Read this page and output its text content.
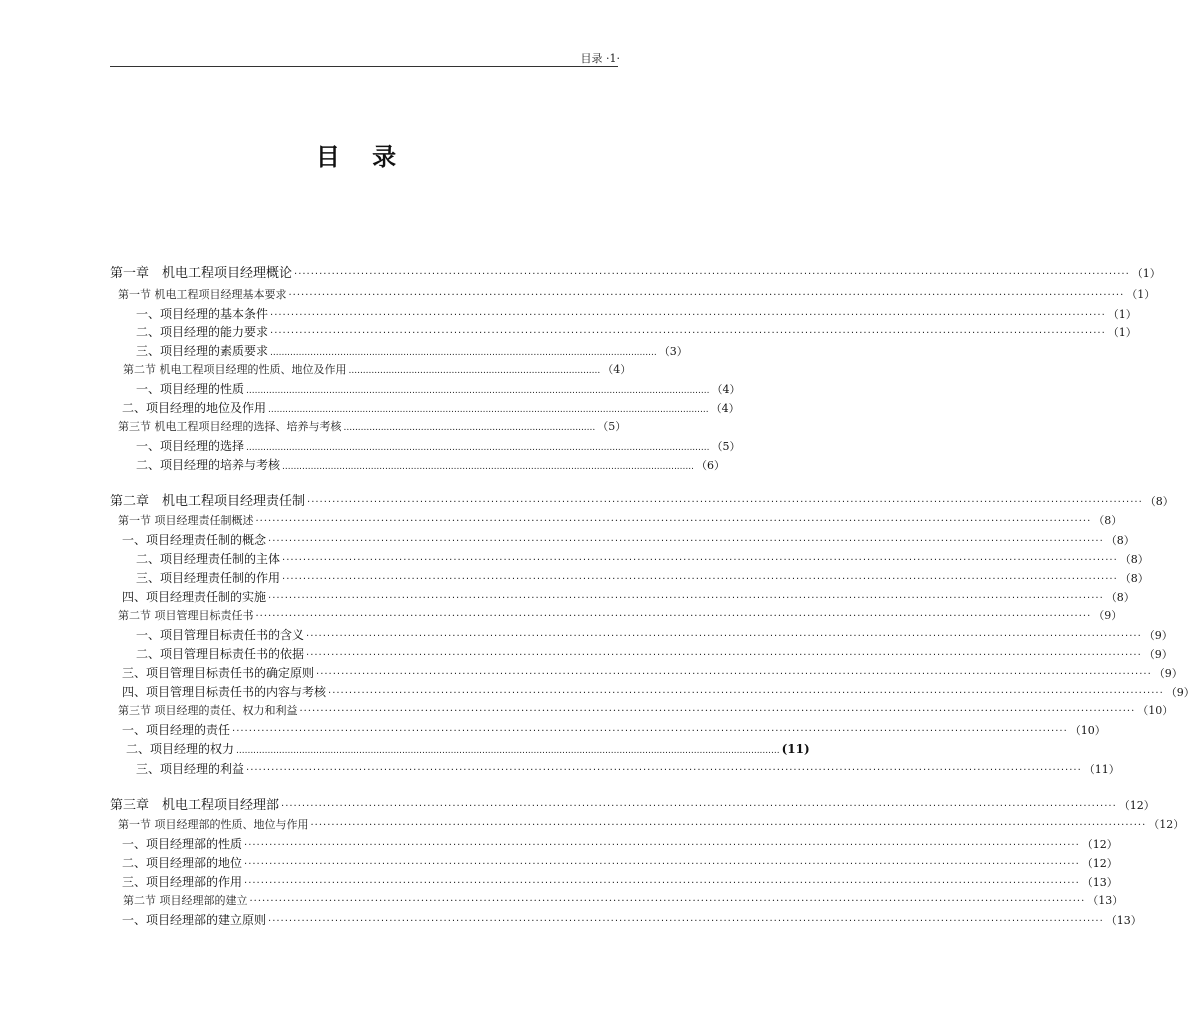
目录 ·1·
目 录
第一章　机电工程项目经理概论 ········································································································································································································ （1）
第一节 机电工程项目经理基本要求 ········································································································································································································ （1）
一、项目经理的基本条件 ········································································································································································································ （1）
二、项目经理的能力要求 ········································································································································································································ （1）
三、项目经理的素质要求 ..............………….......................................................…………......................................... （3）
第二节 机电工程项目经理的性质、地位及作用 ........................................................................................ （4）
一、项目经理的性质 .................................................................................................................................................................. （4）
二、项目经理的地位及作用 .......................................................................................................................................................... （4）
第三节 机电工程项目经理的选择、培养与考核 ........................................................................................ （5）
一、项目经理的选择 .................................................................................................................................................................. （5）
二、项目经理的培养与考核 ................................................................................................................................................ （6）
第二章　机电工程项目经理责任制 ········································································································································································································ （8）
第一节 项目经理责任制概述 ········································································································································································································ （8）
一、项目经理责任制的概念 ········································································································································································································ （8）
二、项目经理责任制的主体 ········································································································································································································ （8）
三、项目经理责任制的作用 ········································································································································································································ （8）
四、项目经理责任制的实施 ········································································································································································································ （8）
第二节 项目管理目标责任书 ········································································································································································································ （9）
一、项目管理目标责任书的含义 ········································································································································································································ （9）
二、项目管理目标责任书的依据 ········································································································································································································ （9）
三、项目管理目标责任书的确定原则 ········································································································································································································ （9）
四、项目管理目标责任书的内容与考核 ········································································································································································································ （9）
第三节 项目经理的责任、权力和利益 ········································································································································································································ （10）
一、项目经理的责任 ········································································································································································································ （10）
二、项目经理的权力 .............................................................................................................................................................................................. (11)
三、项目经理的利益 ········································································································································································································ （11）
第三章　机电工程项目经理部 ········································································································································································································ （12）
第一节 项目经理部的性质、地位与作用 ········································································································································································································ （12）
一、项目经理部的性质 ········································································································································································································ （12）
二、项目经理部的地位 ········································································································································································································ （12）
三、项目经理部的作用 ········································································································································································································ （13）
第二节 项目经理部的建立 ········································································································································································································ （13）
一、项目经理部的建立原则 ········································································································································································································ （13）
